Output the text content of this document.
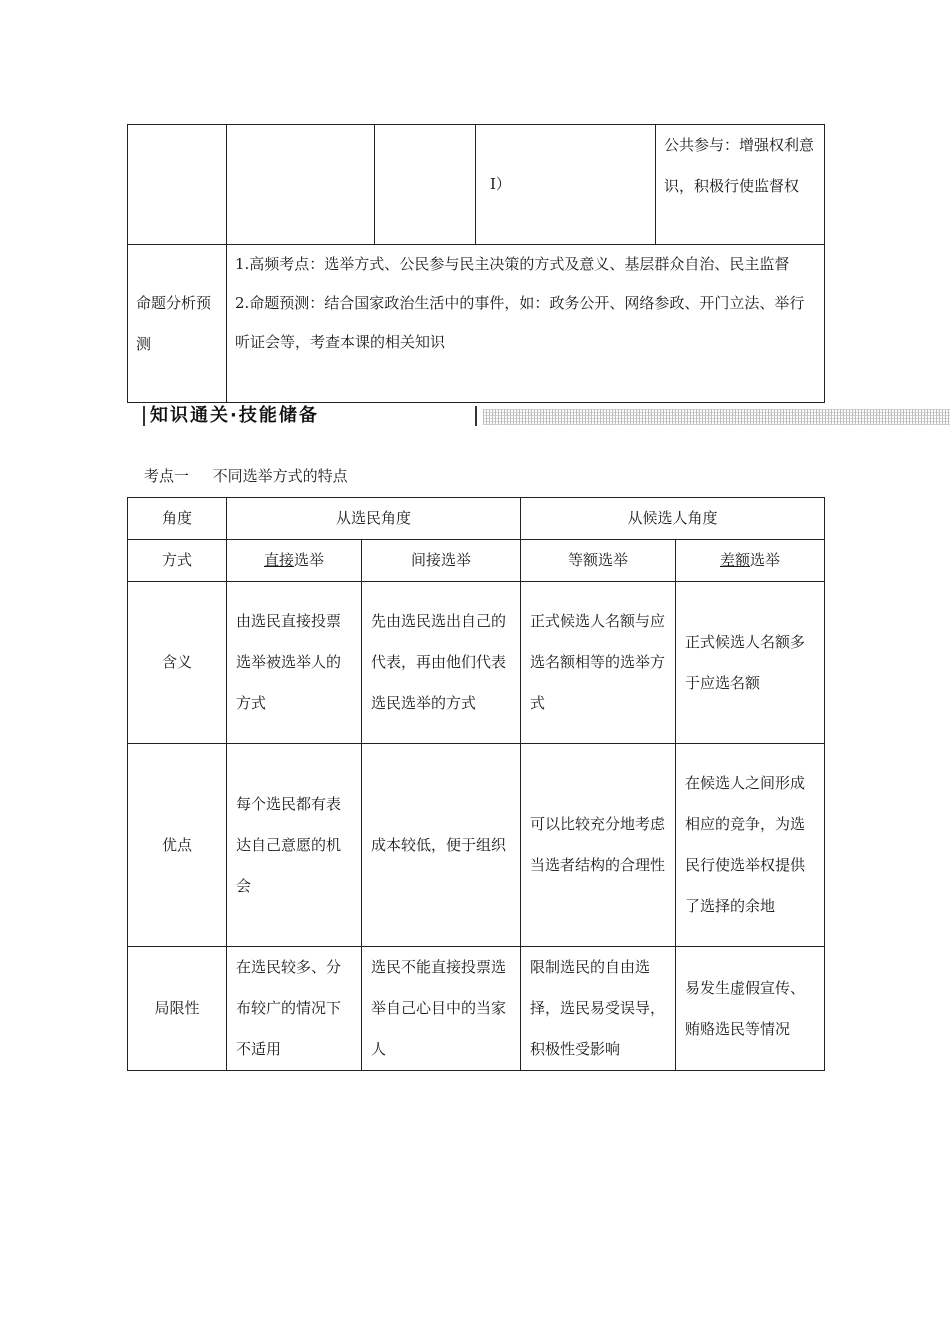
			Ⅰ）	公共参与：增强权利意识，积极行使监督权
命题分析预测	1.高频考点：选举方式、公民参与民主决策的方式及意义、基层群众自治、民主监督
2.命题预测：结合国家政治生活中的事件，如：政务公开、网络参政、开门立法、举行听证会等，考查本课的相关知识			
知识通关·技能储备
考点一 不同选举方式的特点
角度	从选民角度		从候选人角度	
方式	直接选举	间接选举	等额选举	差额选举
含义	由选民直接投票选举被选举人的方式	先由选民选出自己的代表，再由他们代表选民选举的方式	正式候选人名额与应选名额相等的选举方式	正式候选人名额多于应选名额
优点	每个选民都有表达自己意愿的机会	成本较低，便于组织	可以比较充分地考虑当选者结构的合理性	在候选人之间形成相应的竞争，为选民行使选举权提供了选择的余地
局限性	在选民较多、分布较广的情况下不适用	选民不能直接投票选举自己心目中的当家人	限制选民的自由选择，选民易受误导，积极性受影响	易发生虚假宣传、贿赂选民等情况
